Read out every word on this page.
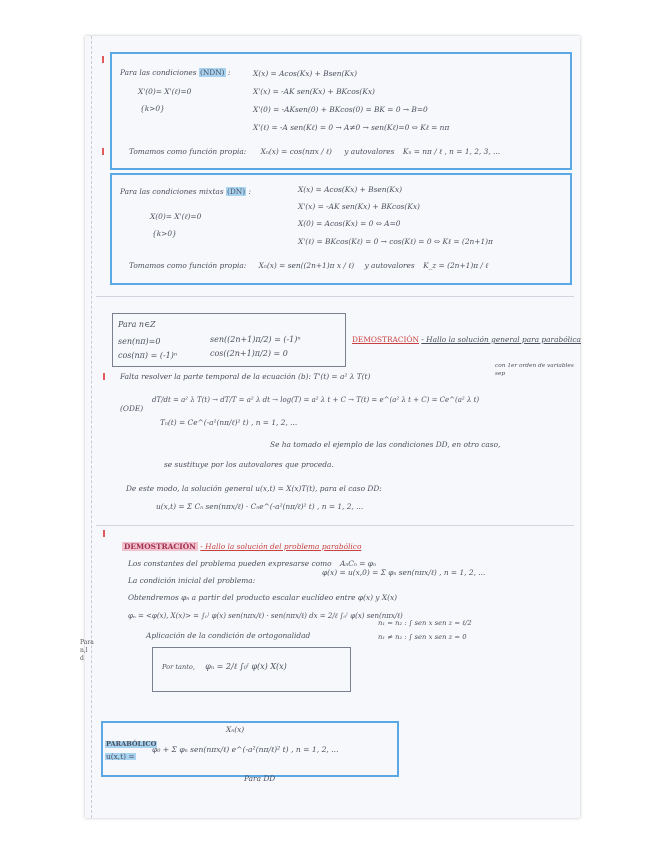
Para
n,l
d
Para las condiciones (NDN) :	X(x) = Acos(Kx) + Bsen(Kx)
X'(0)= X'(ℓ)=0	X'(x) = -AK sen(Kx) + BKcos(Kx)
{k>0}	X'(0) = -AKsen(0) + BKcos(0) = BK = 0 → B=0
X'(ℓ) = -A sen(Kℓ) = 0 → A≠0 → sen(Kℓ)=0 ⇔ Kℓ = nπ
Tomamos como función propia: Xₙ(x) = cos(nπx / ℓ) y autovalores Kₙ = nπ / ℓ , n = 1, 2, 3, ...
Para las condiciones mixtas (DN) :	X(x) = Acos(Kx) + Bsen(Kx)
X'(x) = -AK sen(Kx) + BKcos(Kx)
X(0)= X'(ℓ)=0
X(0) = Acos(Kx) = 0 ⇔ A=0
{k>0}
X'(ℓ) = BKcos(Kℓ) = 0 → cos(Kℓ) = 0 ⇔ Kℓ = (2n+1)π
Tomamos como función propia: Xₙ(x) = sen((2n+1)π x / ℓ) y autovalores K_z = (2n+1)π / ℓ
Para n∈Z
sen(nπ)=0	sen((2n+1)π/2) = (-1)ⁿ
cos(nπ) = (-1)ⁿ	cos((2n+1)π/2) = 0
DEMOSTRACIÓN - Hallo la solución general para parabólica
Falta resolver la parte temporal de la ecuación (b): T'(t) = a² λ T(t)
con 1er orden de variables sep
(ODE)
dT/dt = a² λ T(t) → dT/T = a² λ dt → log(T) = a² λ t + C → T(t) = e^(a² λ t + C) = Ce^(a² λ t)
Tₙ(t) = Ce^(-a²(nπ/ℓ)² t) , n = 1, 2, ...
Se ha tomado el ejemplo de las condiciones DD, en otro caso,
se sustituye por los autovalores que proceda.
De este modo, la solución general u(x,t) = X(x)T(t), para el caso DD:
u(x,t) = Σ Cₙ sen(nπx/ℓ) · Cₙe^(-a²(nπ/ℓ)² t) , n = 1, 2, ...
DEMOSTRACIÓN - Hallo la solución del problema parabólico
Los constantes del problema pueden expresarse como AₙCₙ = φₙ
La condición inicial del problema:
φ(x) = u(x,0) = Σ φₙ sen(nπx/ℓ) , n = 1, 2, ...
Obtendremos φₙ a partir del producto escalar euclídeo entre φ(x) y X(x)
φₙ = <φ(x), X(x)> = ∫₀ˡ φ(x) sen(nπx/ℓ) · sen(nπx/ℓ) dx = 2/ℓ ∫₀ˡ φ(x) sen(nπx/ℓ)
Aplicación de la condición de ortogonalidad
n₁ = n₂ : ∫ sen x sen z = ℓ/2
n₁ ≠ n₂ : ∫ sen x sen z = 0
Por tanto, φₙ = 2/ℓ ∫₀ˡ φ(x) X(x)
Xₙ(x)
PARABÓLICO
u(x,t) =
φ₀ + Σ φₙ sen(nπx/ℓ) e^(-a²(nπ/ℓ)² t) , n = 1, 2, ...
Para DD
